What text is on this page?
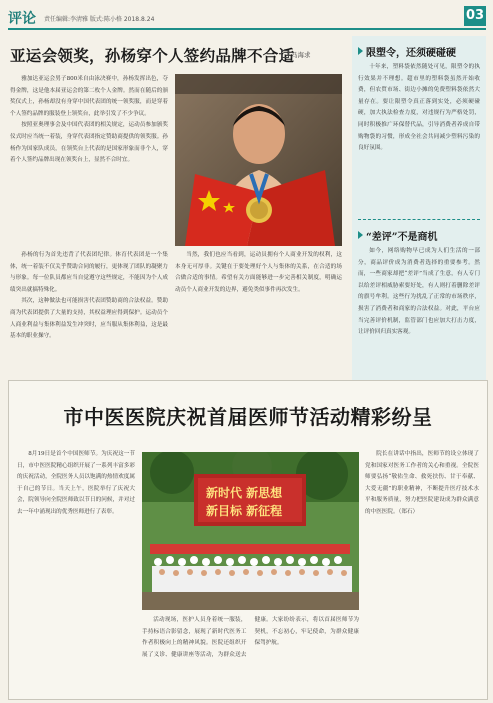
评论 责任编辑:李淸雅 版式:陈小格 2018.8.24	03
亚运会领奖，孙杨穿个人签约品牌不合适
冯海求

雅加达亚运会男子800米自由泳决赛中，孙杨发挥出色，夺得金牌，这是他本届亚运会的第二枚个人金牌。然而在随后的颁奖仪式上，孙杨却没有身穿中国代表团的统一领奖服，而是穿着个人签约品牌的服装登上领奖台，此举引发了不少争议。

按照亚奥理事会及中国代表团的相关规定，运动员参加颁奖仪式时应当统一着装，身穿代表团指定赞助商提供的领奖服。孙杨作为国家队成员，在领奖台上代表的是国家形象而非个人，穿着个人签约品牌出现在领奖台上，显然不合时宜。

孙杨的行为首先违背了代表团纪律。体育代表团是一个集体，统一着装不仅关乎赞助合同的履行，更体现了团队的凝聚力与形象。每一位队员都应当自觉遵守这些规定，不能因为个人成绩突出就搞特殊化。

其次，这种做法也可能损害代表团赞助商的合法权益。赞助商为代表团提供了大量的支持，其权益理应得到保护。运动员个人商业利益与集体利益发生冲突时，应当服从集体利益，这是最基本的职业操守。

当然，我们也应当看到，运动员拥有个人商业开发的权利，这本身无可厚非。关键在于要处理好个人与集体的关系，在合适的场合做合适的事情。希望有关方面能够进一步完善相关制度，明确运动员个人商业开发的边界，避免类似事件再次发生。

限塑令，还须硬碰硬
十年来，塑料袋依然随处可见，限塑令的执行效果并不理想。超市里的塑料袋虽然开始收费，但农贸市场、街边小摊的免费塑料袋依然大量存在。要让限塑令真正落到实处，必须硬碰硬，加大执法检查力度，对违规行为严格处罚，同时积极推广环保替代品，引导消费者养成自带购物袋的习惯，形成全社会共同减少塑料污染的良好氛围。
“差评”不是商机
如今，网络购物早已成为人们生活的一部分，商品评价成为消费者选择的重要参考。然而，一些商家却把“差评”当成了生意，有人专门以给差评相威胁索要好处，有人则打着删除差评的旗号牟利。这些行为扰乱了正常的市场秩序，损害了消费者和商家的合法权益。对此，平台应当完善评价机制，监管部门也应加大打击力度，让评价回归真实客观。
市中医医院庆祝首届医师节活动精彩纷呈
8月19日是首个中国医师节。为庆祝这一节日，市中医医院精心组织开展了一系列丰富多彩的庆祝活动，全院医务人员以饱满的热情欢度属于自己的节日。当天上午，医院举行了庆祝大会，院领导向全院医师致以节日的问候，并对过去一年中涌现出的优秀医师进行了表彰。
新时代 新思想
新目标 新征程
活动现场，医护人员身着统一服装，手持标语合影留念，展现了新时代医务工作者积极向上的精神风貌。医院还组织开展了义诊、健康讲座等活动，为群众送去健康。大家纷纷表示，将以首届医师节为契机，不忘初心，牢记使命，为群众健康保驾护航。
院长在讲话中指出，医师节的设立体现了党和国家对医务工作者的关心和重视。全院医师要弘扬“敬佑生命、救死扶伤、甘于奉献、大爱无疆”的职业精神，不断提升医疗技术水平和服务质量，努力把医院建设成为群众满意的中医医院。（郑石）
